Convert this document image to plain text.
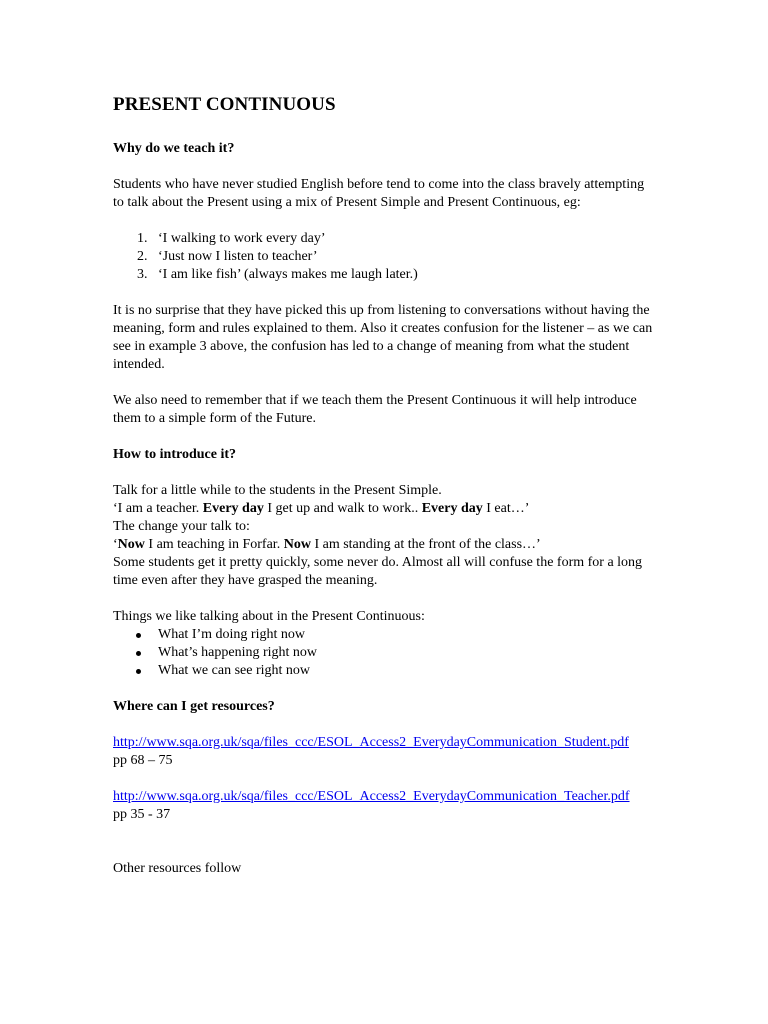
PRESENT CONTINUOUS
Why do we teach it?

Students who have never studied English before tend to come into the class bravely attempting to talk about the Present using a mix of Present Simple and Present Continuous, eg:

1. ‘I walking to work every day’
2. ‘Just now I listen to teacher’
3. ‘I am like fish’ (always makes me laugh later.)

It is no surprise that they have picked this up from listening to conversations without having the meaning, form and rules explained to them. Also it creates confusion for the listener – as we can see in example 3 above, the confusion has led to a change of meaning from what the student intended.

We also need to remember that if we teach them the Present Continuous it will help introduce them to a simple form of the Future.

How to introduce it?

Talk for a little while to the students in the Present Simple.

‘I am a teacher. Every day I get up and walk to work.. Every day I eat…’

The change your talk to:

‘Now I am teaching in Forfar. Now I am standing at the front of the class…’

Some students get it pretty quickly, some never do. Almost all will confuse the form for a long time even after they have grasped the meaning.

Things we like talking about in the Present Continuous:

What I’m doing right now
What’s happening right now
What we can see right now
Where can I get resources?

http://www.sqa.org.uk/sqa/files_ccc/ESOL_Access2_EverydayCommunication_Student.pdf

pp 68 – 75

http://www.sqa.org.uk/sqa/files_ccc/ESOL_Access2_EverydayCommunication_Teacher.pdf

pp 35 - 37

Other resources follow
